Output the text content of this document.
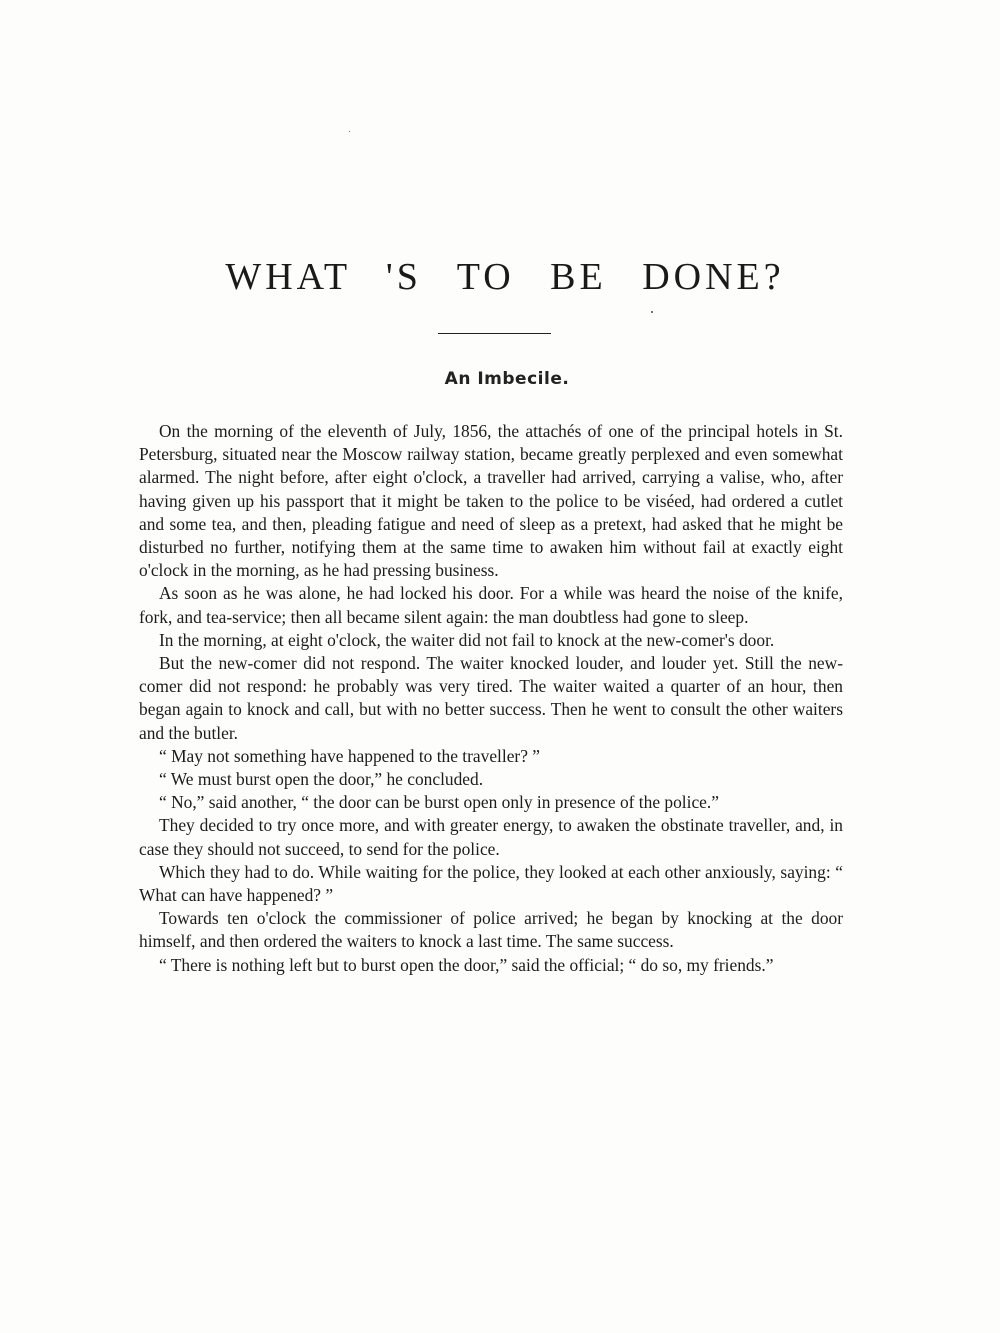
WHAT 'S TO BE DONE?
An Imbecile.

On the morning of the eleventh of July, 1856, the attachés of one of the principal hotels in St. Petersburg, situated near the Moscow railway station, became greatly perplexed and even somewhat alarmed. The night before, after eight o'clock, a traveller had arrived, carrying a valise, who, after having given up his passport that it might be taken to the police to be viséed, had ordered a cutlet and some tea, and then, pleading fatigue and need of sleep as a pretext, had asked that he might be disturbed no further, notifying them at the same time to awaken him without fail at exactly eight o'clock in the morning, as he had pressing business.

As soon as he was alone, he had locked his door. For a while was heard the noise of the knife, fork, and tea-service; then all became silent again: the man doubtless had gone to sleep.

In the morning, at eight o'clock, the waiter did not fail to knock at the new-comer's door.

But the new-comer did not respond. The waiter knocked louder, and louder yet. Still the new-comer did not respond: he probably was very tired. The waiter waited a quarter of an hour, then began again to knock and call, but with no better success. Then he went to consult the other waiters and the butler.

“ May not something have happened to the traveller? ”

“ We must burst open the door,” he concluded.

“ No,” said another, “ the door can be burst open only in presence of the police.”

They decided to try once more, and with greater energy, to awaken the obstinate traveller, and, in case they should not succeed, to send for the police.

Which they had to do. While waiting for the police, they looked at each other anxiously, saying: “ What can have happened? ”

Towards ten o'clock the commissioner of police arrived; he began by knocking at the door himself, and then ordered the waiters to knock a last time. The same success.

“ There is nothing left but to burst open the door,” said the official; “ do so, my friends.”
